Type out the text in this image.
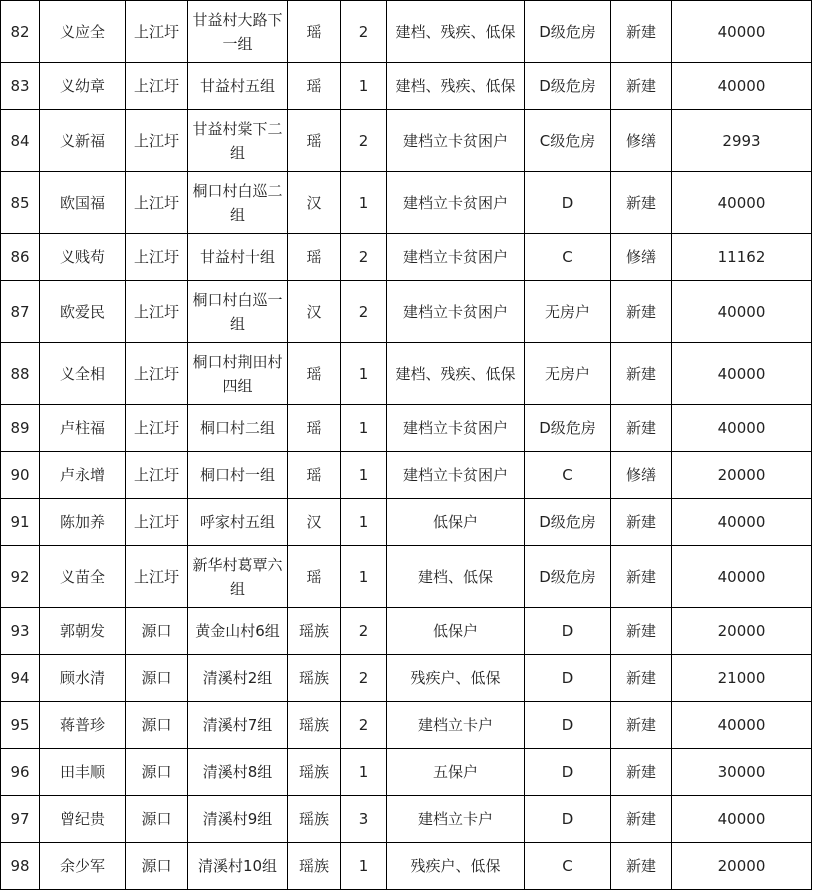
82	义应全	上江圩	甘益村大路下一组	瑶	2	建档、残疾、低保	D级危房	新建	40000
83	义幼章	上江圩	甘益村五组	瑶	1	建档、残疾、低保	D级危房	新建	40000
84	义新福	上江圩	甘益村棠下二组	瑶	2	建档立卡贫困户	C级危房	修缮	2993
85	欧国福	上江圩	桐口村白巡二组	汉	1	建档立卡贫困户	D	新建	40000
86	义贱苟	上江圩	甘益村十组	瑶	2	建档立卡贫困户	C	修缮	11162
87	欧爱民	上江圩	桐口村白巡一组	汉	2	建档立卡贫困户	无房户	新建	40000
88	义全相	上江圩	桐口村荆田村四组	瑶	1	建档、残疾、低保	无房户	新建	40000
89	卢柱福	上江圩	桐口村二组	瑶	1	建档立卡贫困户	D级危房	新建	40000
90	卢永增	上江圩	桐口村一组	瑶	1	建档立卡贫困户	C	修缮	20000
91	陈加养	上江圩	呼家村五组	汉	1	低保户	D级危房	新建	40000
92	义苗全	上江圩	新华村葛覃六组	瑶	1	建档、低保	D级危房	新建	40000
93	郭朝发	源口	黄金山村6组	瑶族	2	低保户	D	新建	20000
94	顾水清	源口	清溪村2组	瑶族	2	残疾户、低保	D	新建	21000
95	蒋普珍	源口	清溪村7组	瑶族	2	建档立卡户	D	新建	40000
96	田丰顺	源口	清溪村8组	瑶族	1	五保户	D	新建	30000
97	曾纪贵	源口	清溪村9组	瑶族	3	建档立卡户	D	新建	40000
98	余少军	源口	清溪村10组	瑶族	1	残疾户、低保	C	新建	20000
